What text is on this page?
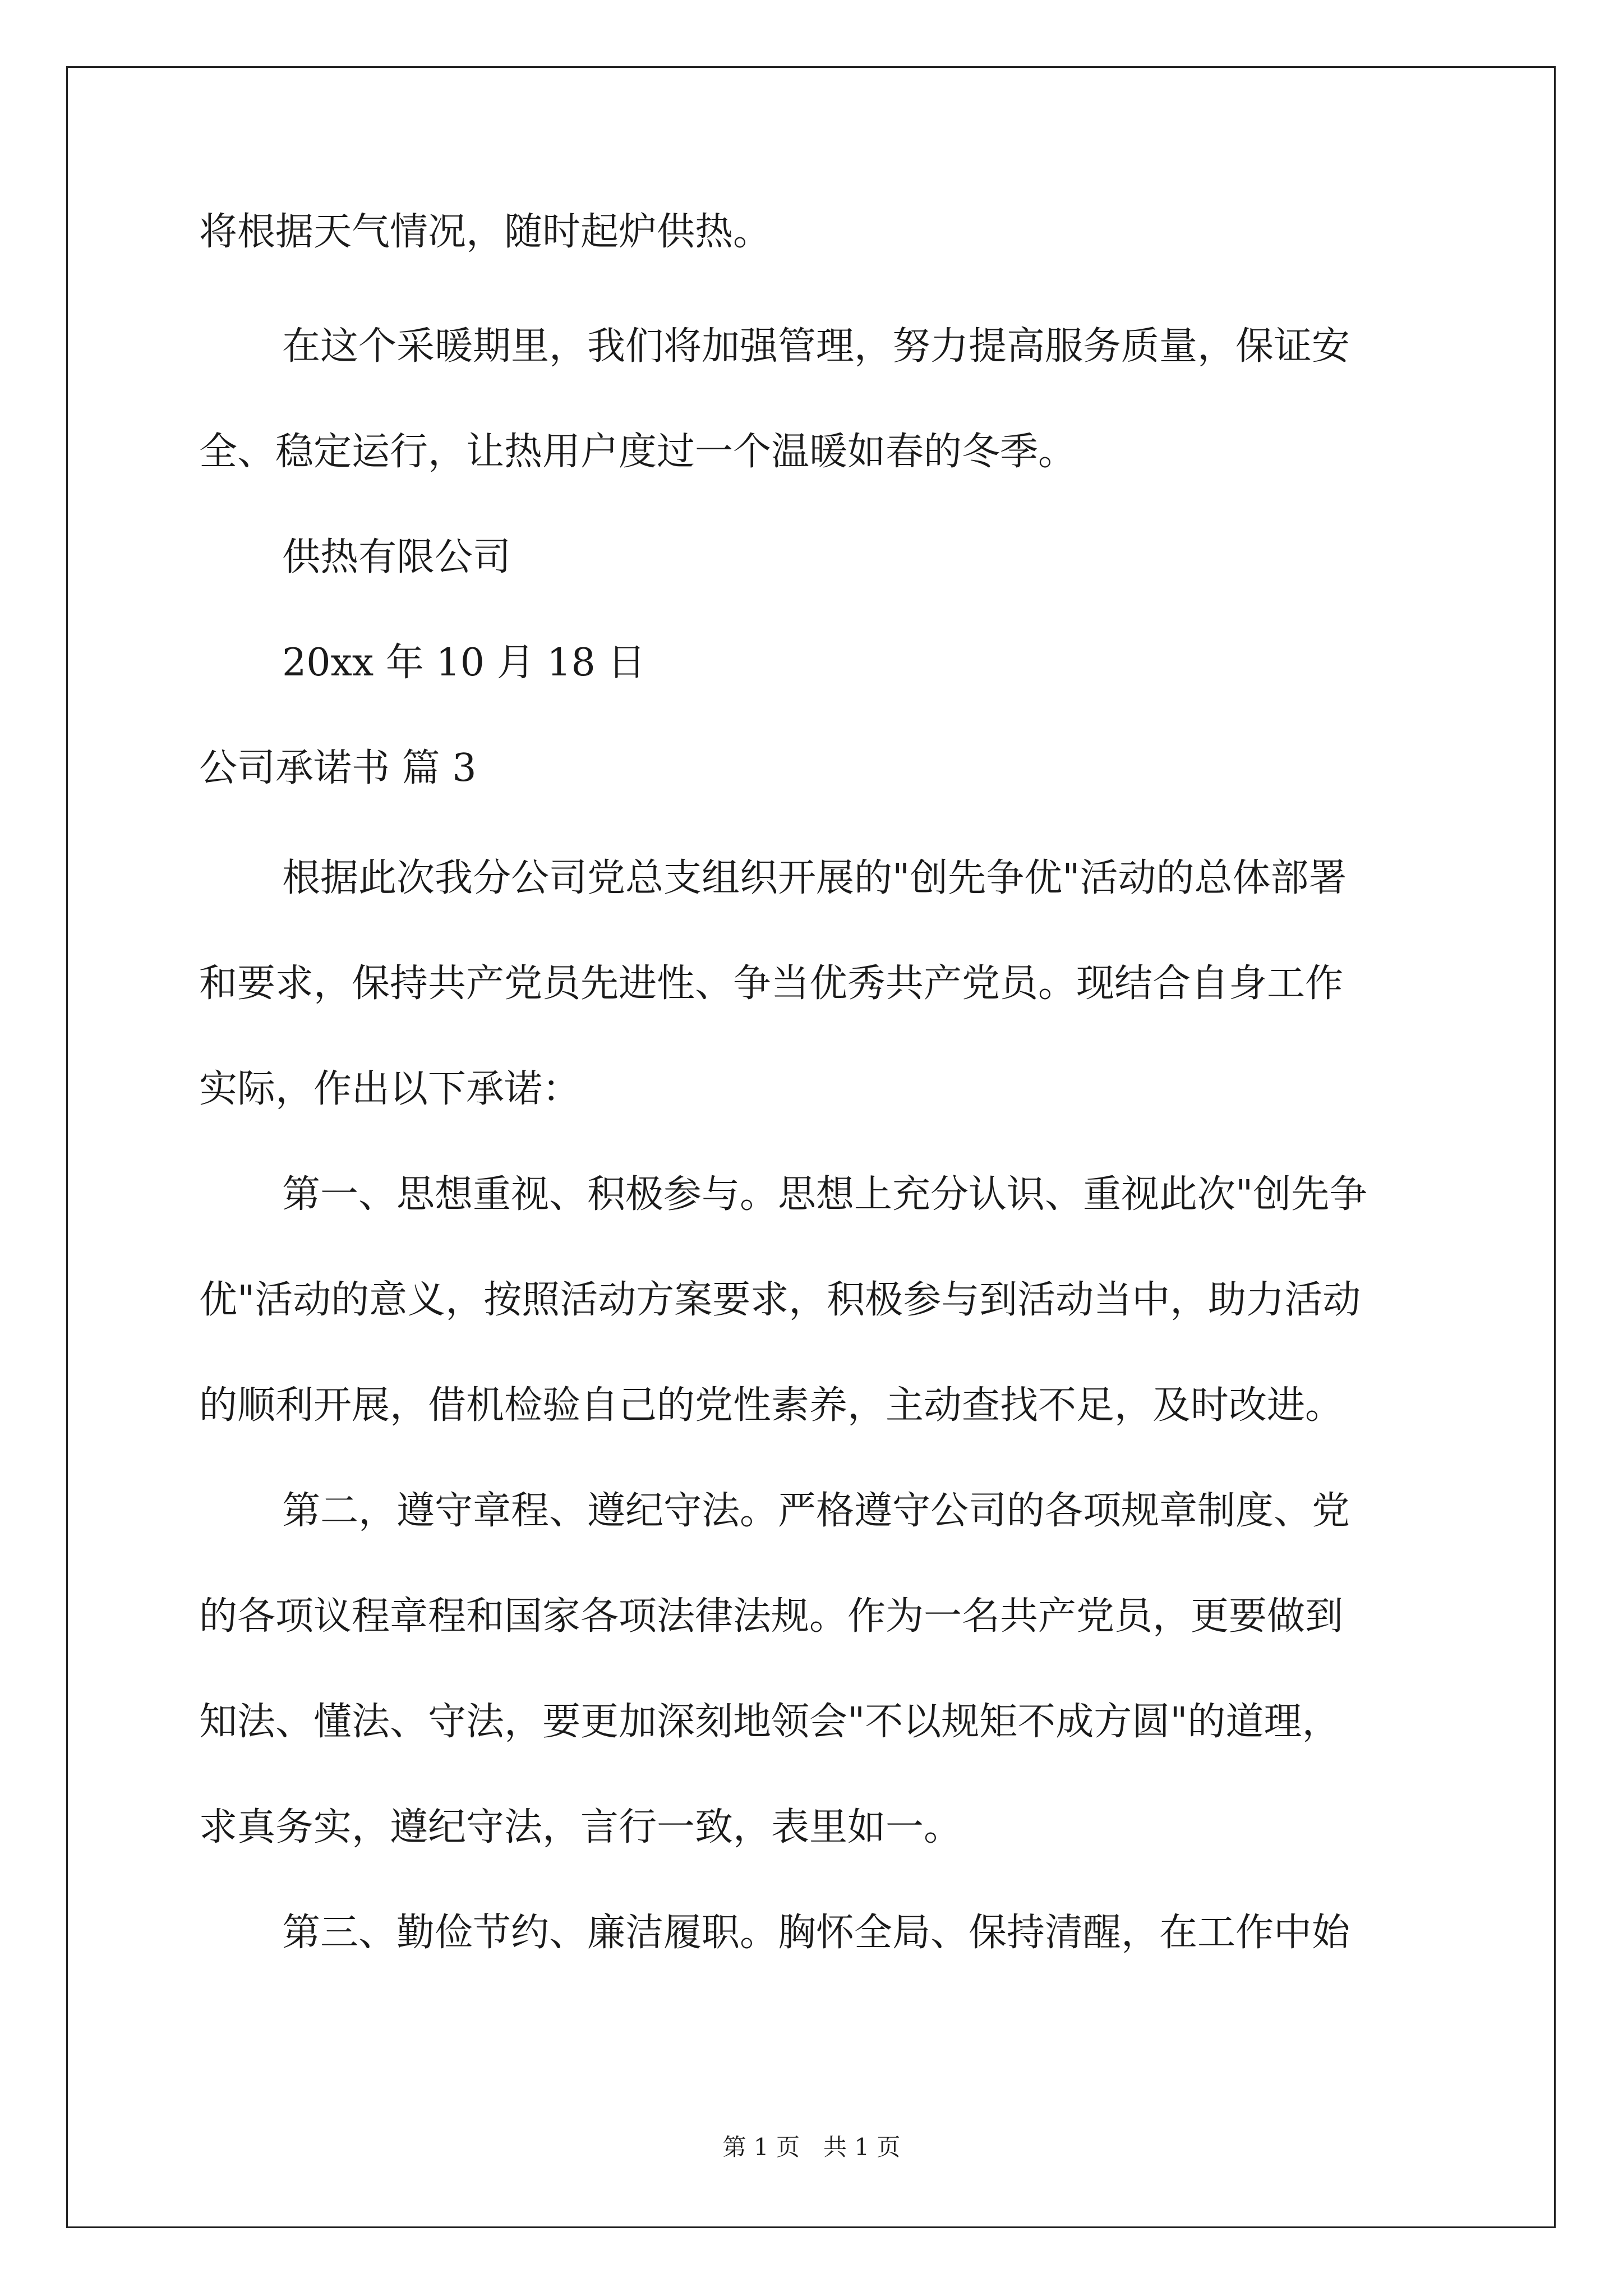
将根据天气情况，随时起炉供热。
在这个采暖期里，我们将加强管理，努力提高服务质量，保证安
全、稳定运行，让热用户度过一个温暖如春的冬季。
供热有限公司
20xx 年 10 月 18 日
公司承诺书 篇 3
根据此次我分公司党总支组织开展的"创先争优"活动的总体部署
和要求，保持共产党员先进性、争当优秀共产党员。现结合自身工作
实际，作出以下承诺：
第一、思想重视、积极参与。思想上充分认识、重视此次"创先争
优"活动的意义，按照活动方案要求，积极参与到活动当中，助力活动
的顺利开展，借机检验自己的党性素养，主动查找不足，及时改进。
第二，遵守章程、遵纪守法。严格遵守公司的各项规章制度、党
的各项议程章程和国家各项法律法规。作为一名共产党员，更要做到
知法、懂法、守法，要更加深刻地领会"不以规矩不成方圆"的道理，
求真务实，遵纪守法，言行一致，表里如一。
第三、勤俭节约、廉洁履职。胸怀全局、保持清醒，在工作中始
第 1 页　共 1 页
